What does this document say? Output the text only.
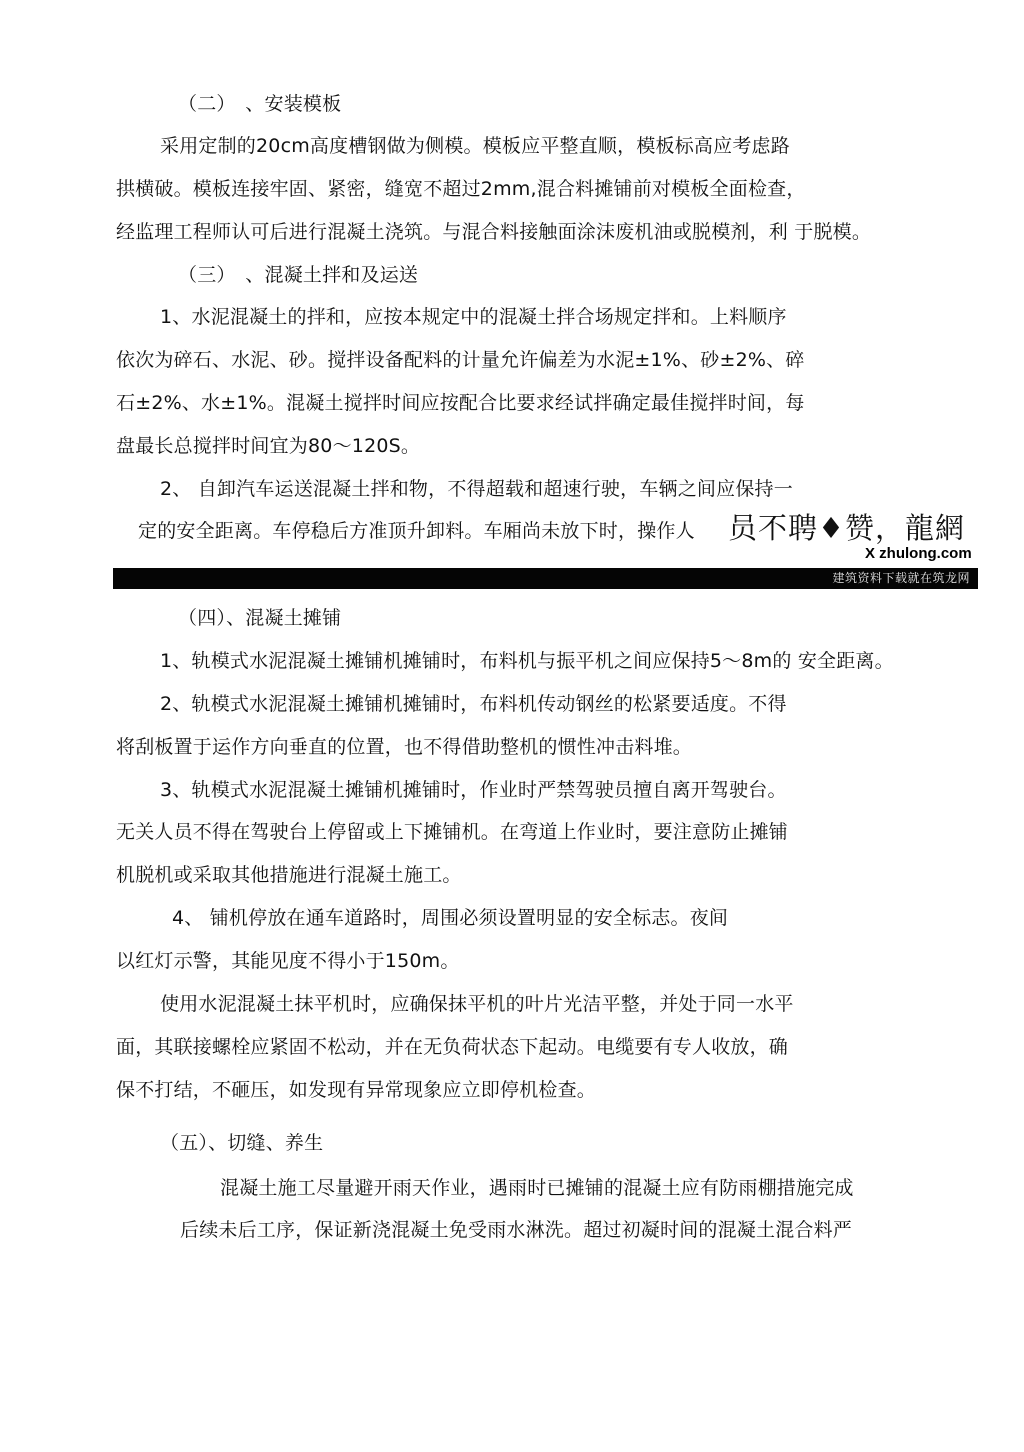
（二）　、安装模板
采用定制的20cm高度槽钢做为侧模。模板应平整直顺，模板标高应考虑路
拱横破。模板连接牢固、紧密，缝宽不超过2mm,混合料摊铺前对模板全面检查，
经监理工程师认可后进行混凝土浇筑。与混合料接触面涂沫废机油或脱模剂，利 于脱模。
（三）　、混凝土拌和及运送
1、水泥混凝土的拌和，应按本规定中的混凝土拌合场规定拌和。上料顺序
依次为碎石、水泥、砂。搅拌设备配料的计量允许偏差为水泥±1%、砂±2%、碎
石±2%、水±1%。混凝土搅拌时间应按配合比要求经试拌确定最佳搅拌时间，每
盘最长总搅拌时间宜为80～120S。
2、 自卸汽车运送混凝土拌和物，不得超载和超速行驶，车辆之间应保持一
定的安全距离。车停稳后方准顶升卸料。车厢尚未放下时，操作人 员不聘♦赞，龍網
X zhulong.com
建筑资料下载就在筑龙网
（四）、混凝土摊铺
1、轨模式水泥混凝土摊铺机摊铺时，布料机与振平机之间应保持5～8m的 安全距离。
2、轨模式水泥混凝土摊铺机摊铺时，布料机传动钢丝的松紧要适度。不得
将刮板置于运作方向垂直的位置，也不得借助整机的惯性冲击料堆。
3、轨模式水泥混凝土摊铺机摊铺时，作业时严禁驾驶员擅自离开驾驶台。
无关人员不得在驾驶台上停留或上下摊铺机。在弯道上作业时，要注意防止摊铺
机脱机或采取其他措施进行混凝土施工。
4、 铺机停放在通车道路时，周围必须设置明显的安全标志。夜间
以红灯示警，其能见度不得小于150m。
使用水泥混凝土抹平机时，应确保抹平机的叶片光洁平整，并处于同一水平
面，其联接螺栓应紧固不松动，并在无负荷状态下起动。电缆要有专人收放，确
保不打结，不砸压，如发现有异常现象应立即停机检查。
（五）、切缝、养生
混凝土施工尽量避开雨天作业，遇雨时已摊铺的混凝土应有防雨棚措施完成
后续未后工序，保证新浇混凝土免受雨水淋洗。超过初凝时间的混凝土混合料严
